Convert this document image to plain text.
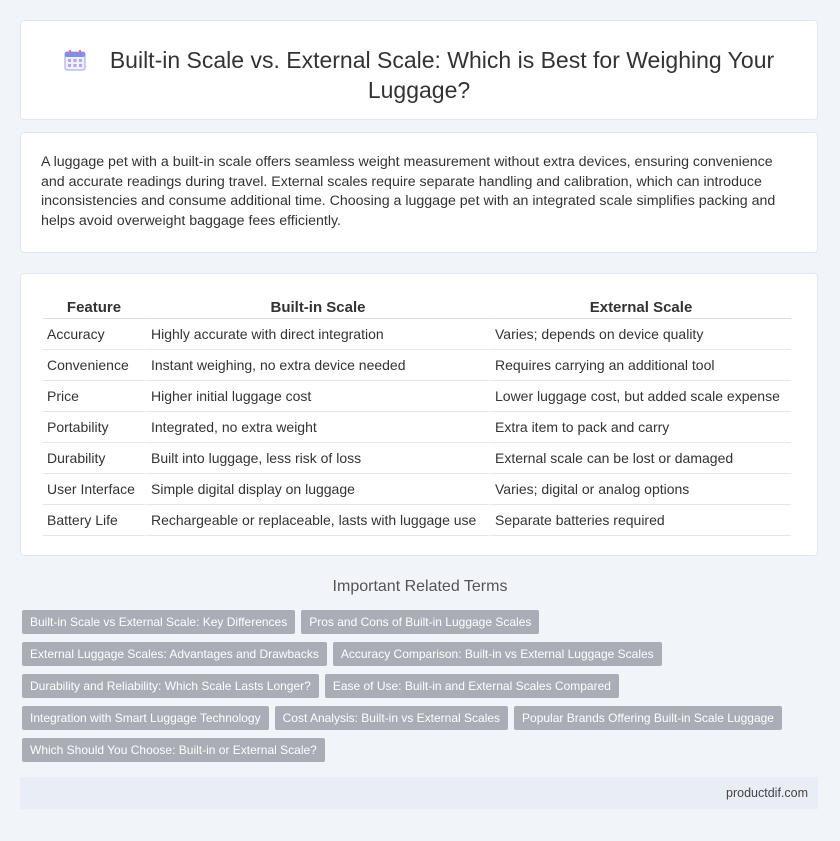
Built-in Scale vs. External Scale: Which is Best for Weighing Your Luggage?

A luggage pet with a built-in scale offers seamless weight measurement without extra devices, ensuring convenience and accurate readings during travel. External scales require separate handling and calibration, which can introduce inconsistencies and consume additional time. Choosing a luggage pet with an integrated scale simplifies packing and helps avoid overweight baggage fees efficiently.

Feature	Built-in Scale	External Scale
Accuracy	Highly accurate with direct integration	Varies; depends on device quality
Convenience	Instant weighing, no extra device needed	Requires carrying an additional tool
Price	Higher initial luggage cost	Lower luggage cost, but added scale expense
Portability	Integrated, no extra weight	Extra item to pack and carry
Durability	Built into luggage, less risk of loss	External scale can be lost or damaged
User Interface	Simple digital display on luggage	Varies; digital or analog options
Battery Life	Rechargeable or replaceable, lasts with luggage use	Separate batteries required
Important Related Terms
Built-in Scale vs External Scale: Key Differences	Pros and Cons of Built-in Luggage Scales
External Luggage Scales: Advantages and Drawbacks	Accuracy Comparison: Built-in vs External Luggage Scales
Durability and Reliability: Which Scale Lasts Longer?	Ease of Use: Built-in and External Scales Compared
Integration with Smart Luggage Technology	Cost Analysis: Built-in vs External Scales	Popular Brands Offering Built-in Scale Luggage
Which Should You Choose: Built-in or External Scale?
productdif.com
